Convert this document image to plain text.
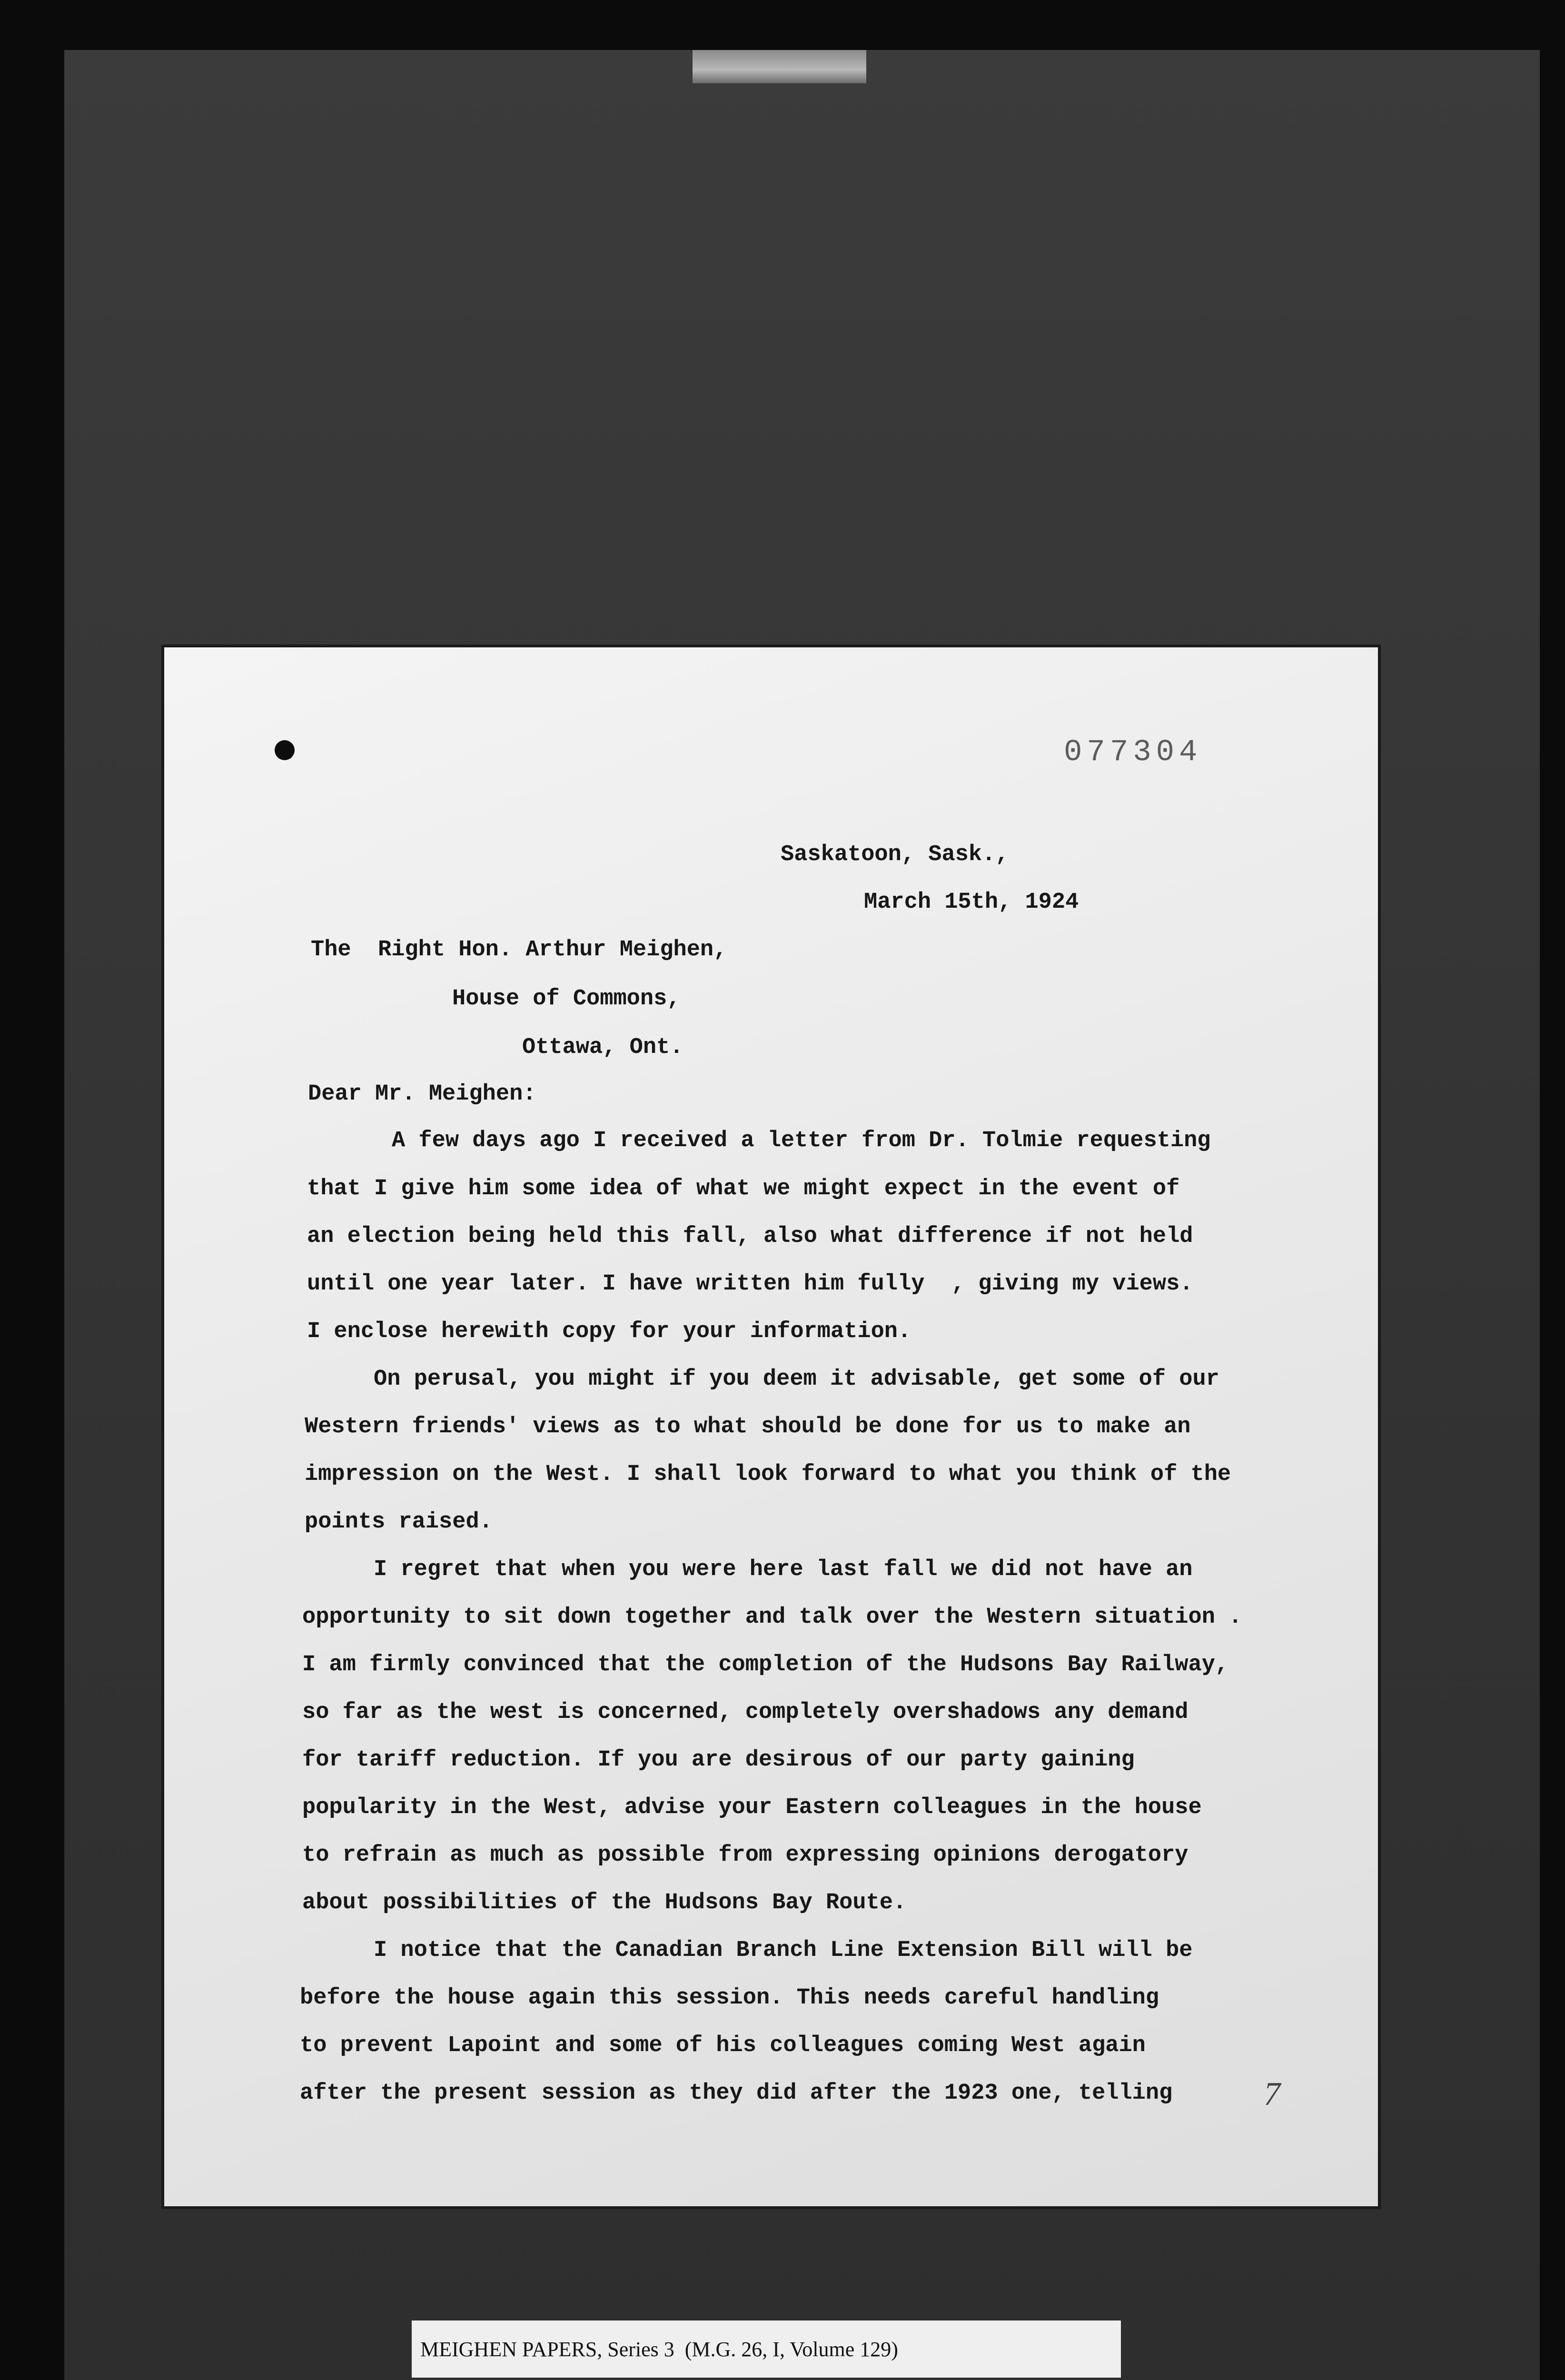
077304
Saskatoon, Sask.,
March 15th, 1924
The  Right Hon. Arthur Meighen,
House of Commons,
Ottawa, Ont.
Dear Mr. Meighen:
A few days ago I received a letter from Dr. Tolmie requesting
that I give him some idea of what we might expect in the event of
an election being held this fall, also what difference if not held
until one year later. I have written him fully  , giving my views.
I enclose herewith copy for your information.
On perusal, you might if you deem it advisable, get some of our
Western friends' views as to what should be done for us to make an
impression on the West. I shall look forward to what you think of the
points raised.
I regret that when you were here last fall we did not have an
opportunity to sit down together and talk over the Western situation .
I am firmly convinced that the completion of the Hudsons Bay Railway,
so far as the west is concerned, completely overshadows any demand
for tariff reduction. If you are desirous of our party gaining
popularity in the West, advise your Eastern colleagues in the house
to refrain as much as possible from expressing opinions derogatory
about possibilities of the Hudsons Bay Route.
I notice that the Canadian Branch Line Extension Bill will be
before the house again this session. This needs careful handling
to prevent Lapoint and some of his colleagues coming West again
after the present session as they did after the 1923 one, telling	7
MEIGHEN PAPERS, Series 3  (M.G. 26, I, Volume 129)
